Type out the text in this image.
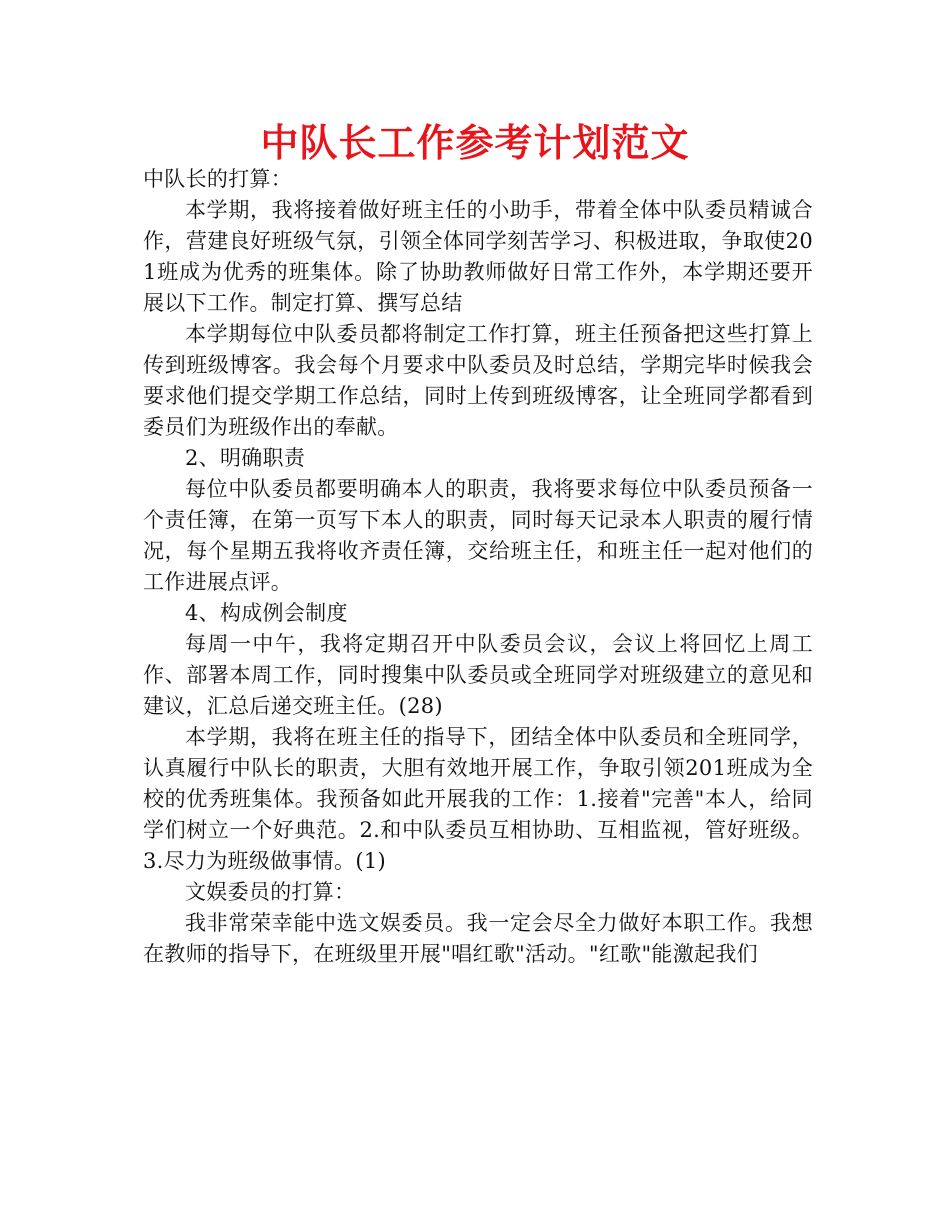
中队长工作参考计划范文

中队长的打算：

本学期，我将接着做好班主任的小助手，带着全体中队委员精诚合作，营建良好班级气氛，引领全体同学刻苦学习、积极进取，争取使201班成为优秀的班集体。除了协助教师做好日常工作外，本学期还要开展以下工作。制定打算、撰写总结

本学期每位中队委员都将制定工作打算，班主任预备把这些打算上传到班级博客。我会每个月要求中队委员及时总结，学期完毕时候我会要求他们提交学期工作总结，同时上传到班级博客，让全班同学都看到委员们为班级作出的奉献。

2、明确职责

每位中队委员都要明确本人的职责，我将要求每位中队委员预备一个责任簿，在第一页写下本人的职责，同时每天记录本人职责的履行情况，每个星期五我将收齐责任簿，交给班主任，和班主任一起对他们的工作进展点评。

4、构成例会制度

每周一中午，我将定期召开中队委员会议，会议上将回忆上周工作、部署本周工作，同时搜集中队委员或全班同学对班级建立的意见和建议，汇总后递交班主任。(28)

本学期，我将在班主任的指导下，团结全体中队委员和全班同学，认真履行中队长的职责，大胆有效地开展工作，争取引领201班成为全校的优秀班集体。我预备如此开展我的工作：1.接着"完善"本人，给同学们树立一个好典范。2.和中队委员互相协助、互相监视，管好班级。3.尽力为班级做事情。(1)

文娱委员的打算：

我非常荣幸能中选文娱委员。我一定会尽全力做好本职工作。我想在教师的指导下，在班级里开展"唱红歌"活动。"红歌"能激起我们
